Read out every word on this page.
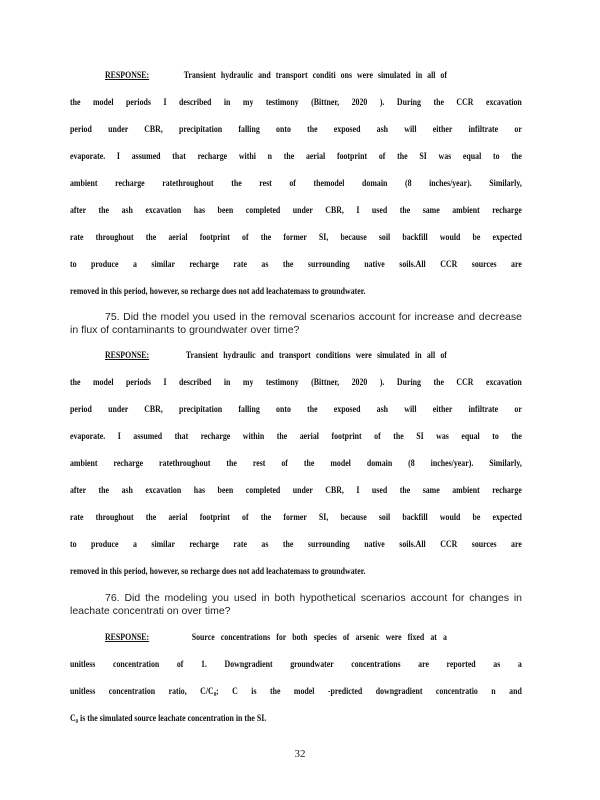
RESPONSE:	Transient hydraulic and transport conditi ons were simulated in all of
the model periods I described in my testimony (Bittner, 2020 ). During the CCR excavation
period under CBR, precipitation falling onto the exposed ash will either infiltrate or
evaporate. I assumed that recharge withi n the aerial footprint of the SI was equal to the
ambient recharge ratethroughout the rest of themodel domain (8 inches/year). Similarly,
after the ash excavation has been completed under CBR, I used the same ambient recharge
rate throughout the aerial footprint of the former SI, because soil backfill would be expected
to produce a similar recharge rate as the surrounding native soils.All CCR sources are
removed in this period, however, so recharge does not add leachatemass to groundwater.
75. Did the model you used in the removal scenarios account for increase and decrease
in flux of contaminants to groundwater over time?
RESPONSE:	Transient hydraulic and transport conditions were simulated in all of
the model periods I described in my testimony (Bittner, 2020 ). During the CCR excavation
period under CBR, precipitation falling onto the exposed ash will either infiltrate or
evaporate. I assumed that recharge within the aerial footprint of the SI was equal to the
ambient recharge ratethroughout the rest of the model domain (8 inches/year). Similarly,
after the ash excavation has been completed under CBR, I used the same ambient recharge
rate throughout the aerial footprint of the former SI, because soil backfill would be expected
to produce a similar recharge rate as the surrounding native soils.All CCR sources are
removed in this period, however, so recharge does not add leachatemass to groundwater.
76. Did the modeling you used in both hypothetical scenarios account for changes in
leachate concentrati on over time?
RESPONSE:	Source concentrations for both species of arsenic were fixed at a
unitless concentration of 1. Downgradient groundwater concentrations are reported as a
unitless concentration ratio, C/C₀; C is the model -predicted downgradient concentratio n and
C₀ is the simulated source leachate concentration in the SI.
32
